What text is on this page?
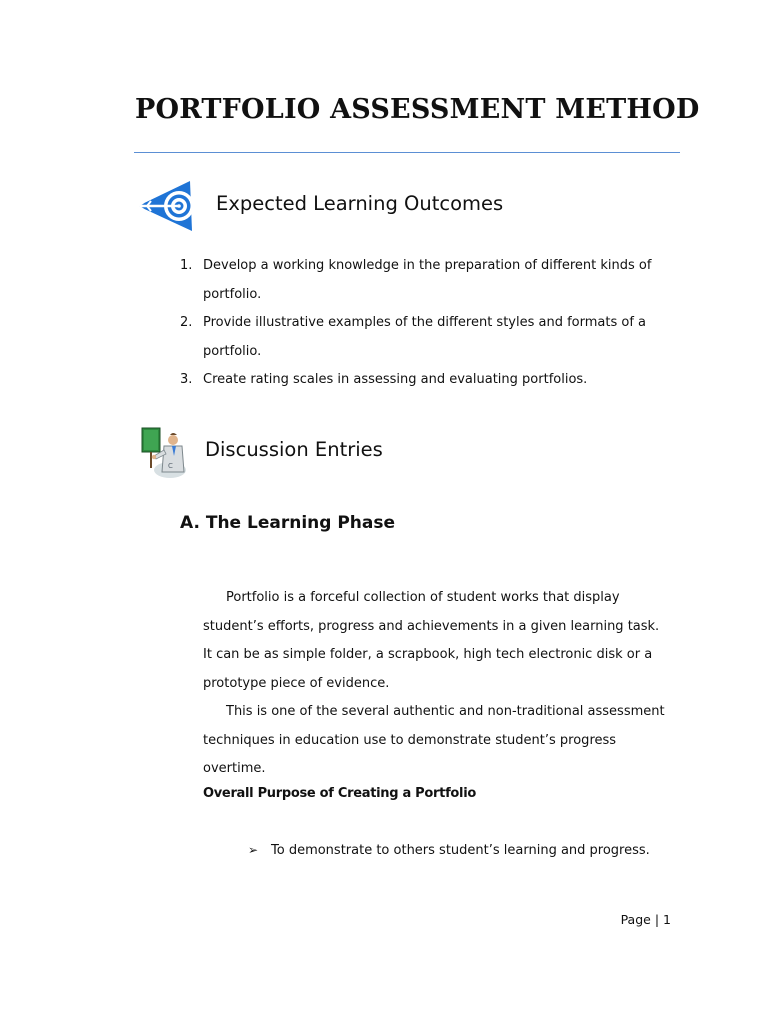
PORTFOLIO ASSESSMENT METHOD
Expected Learning Outcomes
1. Develop a working knowledge in the preparation of different kinds of portfolio.
2. Provide illustrative examples of the different styles and formats of a portfolio.
3. Create rating scales in assessing and evaluating portfolios.
C
Discussion Entries
A. The Learning Phase

Portfolio is a forceful collection of student works that display student’s efforts, progress and achievements in a given learning task. It can be as simple folder, a scrapbook, high tech electronic disk or a prototype piece of evidence.

This is one of the several authentic and non-traditional assessment techniques in education use to demonstrate student’s progress overtime.

Overall Purpose of Creating a Portfolio
➢ To demonstrate to others student’s learning and progress.
Page | 1
